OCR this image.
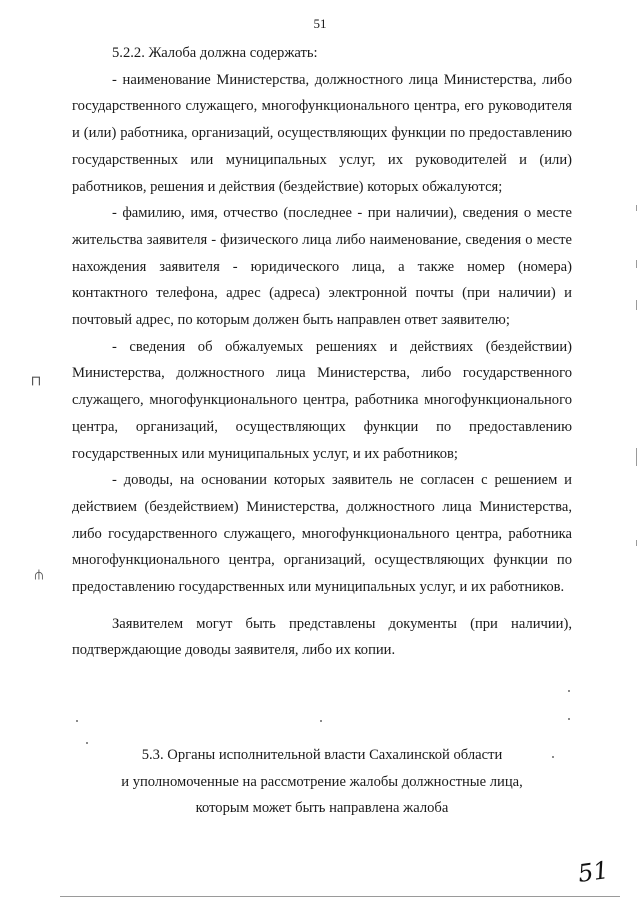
51

5.2.2. Жалоба должна содержать:

- наименование Министерства, должностного лица Министерства, либо государственного служащего, многофункционального центра, его руководителя и (или) работника, организаций, осуществляющих функции по предоставлению государственных или муниципальных услуг, их руководителей и (или) работников, решения и действия (бездействие) которых обжалуются;

- фамилию, имя, отчество (последнее - при наличии), сведения о месте жительства заявителя - физического лица либо наименование, сведения о месте нахождения заявителя - юридического лица, а также номер (номера) контактного телефона, адрес (адреса) электронной почты (при наличии) и почтовый адрес, по которым должен быть направлен ответ заявителю;

- сведения об обжалуемых решениях и действиях (бездействии) Министерства, должностного лица Министерства, либо государственного служащего, многофункционального центра, работника многофункционального центра, организаций, осуществляющих функции по предоставлению государственных или муниципальных услуг, и их работников;

- доводы, на основании которых заявитель не согласен с решением и действием (бездействием) Министерства, должностного лица Министерства, либо государственного служащего, многофункционального центра, работника многофункционального центра, организаций, осуществляющих функции по предоставлению государственных или муниципальных услуг, и их работников.

Заявителем могут быть представлены документы (при наличии), подтверждающие доводы заявителя, либо их копии.

5.3. Органы исполнительной власти Сахалинской области
и уполномоченные на рассмотрение жалобы должностные лица,
которым может быть направлена жалоба
⊏
⋲
51
